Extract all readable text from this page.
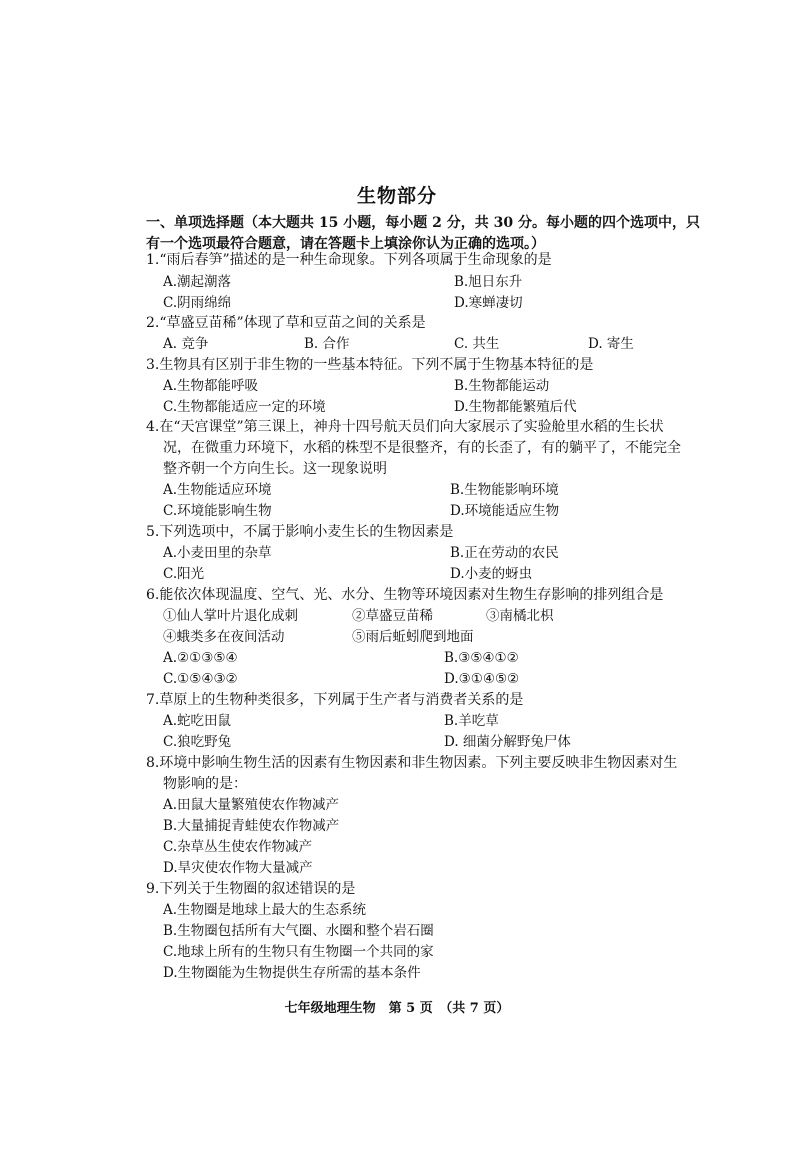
生物部分
一、单项选择题（本大题共 15 小题，每小题 2 分，共 30 分。每小题的四个选项中，只有一个选项最符合题意，请在答题卡上填涂你认为正确的选项。）
1.“雨后春笋”描述的是一种生命现象。下列各项属于生命现象的是
A.潮起潮落	B.旭日东升
C.阴雨绵绵	D.寒蝉凄切
2.“草盛豆苗稀”体现了草和豆苗之间的关系是
A. 竞争	B. 合作	C. 共生	D. 寄生
3.生物具有区别于非生物的一些基本特征。下列不属于生物基本特征的是
A.生物都能呼吸	B.生物都能运动
C.生物都能适应一定的环境	D.生物都能繁殖后代
4.在“天宫课堂”第三课上，神舟十四号航天员们向大家展示了实验舱里水稻的生长状
况，在微重力环境下，水稻的株型不是很整齐，有的长歪了，有的躺平了，不能完全
整齐朝一个方向生长。这一现象说明
A.生物能适应环境	B.生物能影响环境
C.环境能影响生物	D.环境能适应生物
5.下列选项中，不属于影响小麦生长的生物因素是
A.小麦田里的杂草	B.正在劳动的农民
C.阳光	D.小麦的蚜虫
6.能依次体现温度、空气、光、水分、生物等环境因素对生物生存影响的排列组合是
①仙人掌叶片退化成刺	②草盛豆苗稀	③南橘北枳
④蛾类多在夜间活动	⑤雨后蚯蚓爬到地面
A.②①③⑤④	B.③⑤④①②
C.①⑤④③②	D.③①④⑤②
7.草原上的生物种类很多，下列属于生产者与消费者关系的是
A.蛇吃田鼠	B.羊吃草
C.狼吃野兔	D. 细菌分解野兔尸体
8.环境中影响生物生活的因素有生物因素和非生物因素。下列主要反映非生物因素对生
物影响的是：
A.田鼠大量繁殖使农作物减产
B.大量捕捉青蛙使农作物减产
C.杂草丛生使农作物减产
D.旱灾使农作物大量减产
9.下列关于生物圈的叙述错误的是
A.生物圈是地球上最大的生态系统
B.生物圈包括所有大气圈、水圈和整个岩石圈
C.地球上所有的生物只有生物圈一个共同的家
D.生物圈能为生物提供生存所需的基本条件
七年级地理生物　第 5 页　（共 7 页）
